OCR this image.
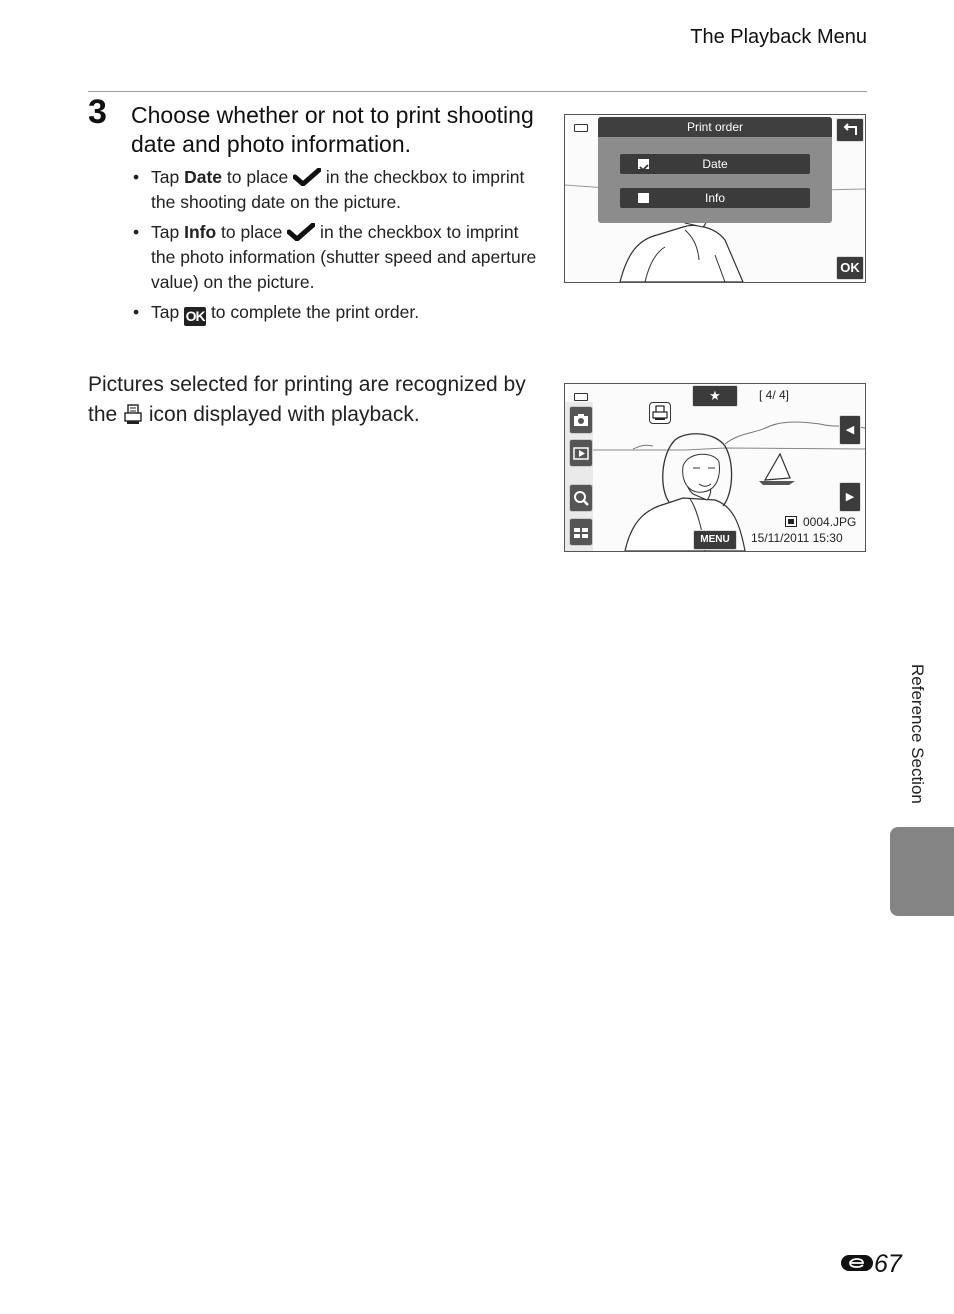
The Playback Menu
3 Choose whether or not to print shooting date and photo information.
• Tap Date to place  in the checkbox to imprint the shooting date on the picture.
• Tap Info to place  in the checkbox to imprint the photo information (shutter speed and aperture value) on the picture.
• Tap OK to complete the print order.
Pictures selected for printing are recognized by the  icon displayed with playback.
Print order
Date
Info
OK
★	[ 4/ 4]
◀
▶
0004.JPG
15/11/2011 15:30
MENU
Reference Section
67
